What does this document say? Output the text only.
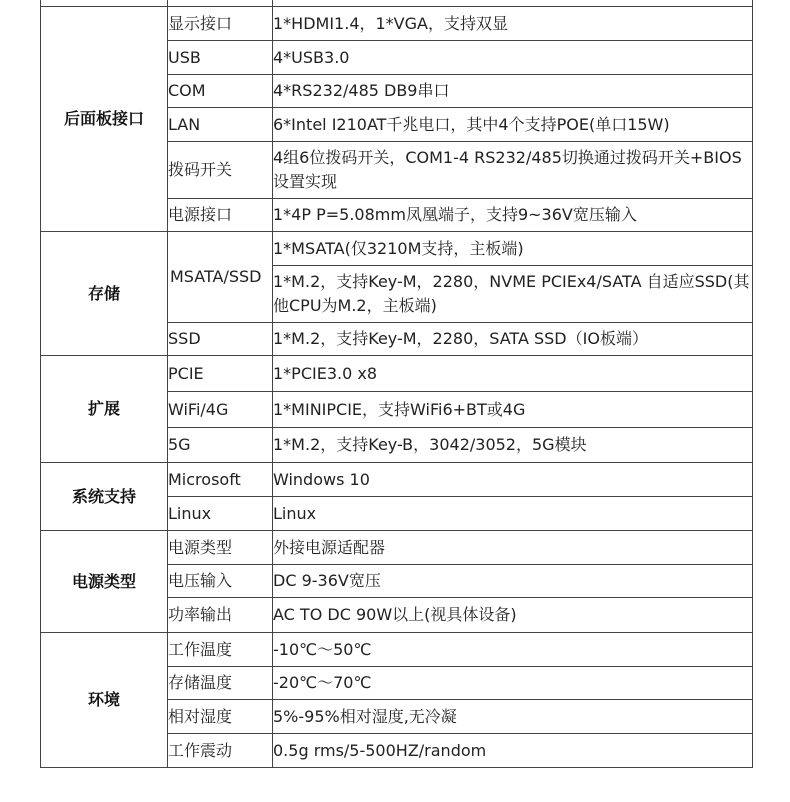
后面板接口	显示接口	1*HDMI1.4，1*VGA，支持双显
	USB	4*USB3.0
	COM	4*RS232/485 DB9串口
	LAN	6*Intel I210AT千兆电口，其中4个支持POE(单口15W)
	拨码开关	4组6位拨码开关，COM1-4 RS232/485切换通过拨码开关+BIOS设置实现
	电源接口	1*4P P=5.08mm凤凰端子，支持9~36V宽压输入
存储	MSATA/SSD	1*MSATA(仅3210M支持，主板端)
		1*M.2，支持Key-M，2280，NVME PCIEx4/SATA 自适应SSD(其他CPU为M.2，主板端)
	SSD	1*M.2，支持Key-M，2280，SATA SSD（IO板端）
扩展	PCIE	1*PCIE3.0 x8
	WiFi/4G	1*MINIPCIE，支持WiFi6+BT或4G
	5G	1*M.2，支持Key-B，3042/3052，5G模块
系统支持	Microsoft	Windows 10
	Linux	Linux
电源类型	电源类型	外接电源适配器
	电压输入	DC 9-36V宽压
	功率输出	AC TO DC 90W以上(视具体设备)
环境	工作温度	-10℃～50℃
	存储温度	-20℃～70℃
	相对湿度	5%-95%相对湿度,无冷凝
	工作震动	0.5g rms/5-500HZ/random
